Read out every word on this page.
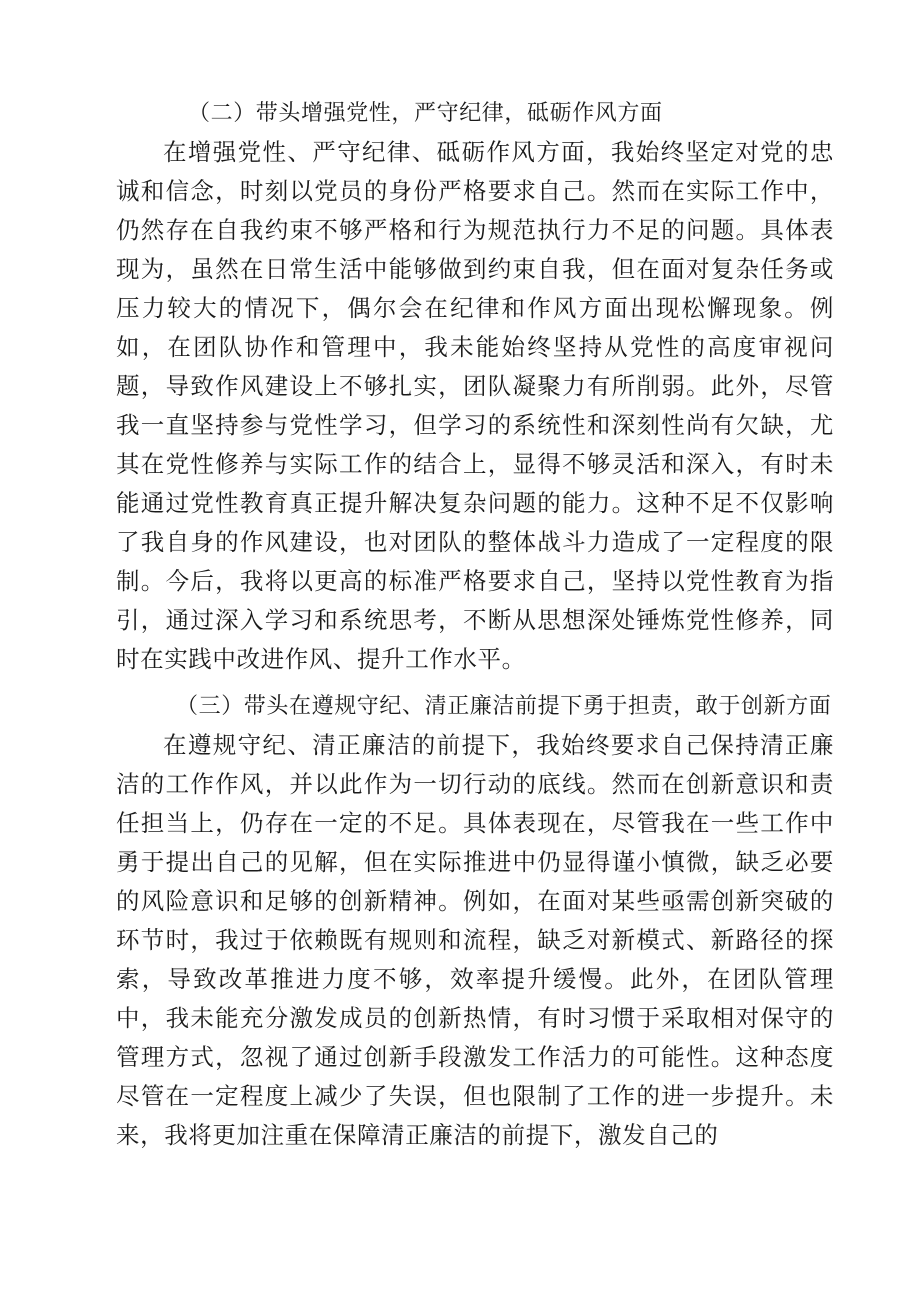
（二）带头增强党性，严守纪律，砥砺作风方面

在增强党性、严守纪律、砥砺作风方面，我始终坚定对党的忠诚和信念，时刻以党员的身份严格要求自己。然而在实际工作中，仍然存在自我约束不够严格和行为规范执行力不足的问题。具体表现为，虽然在日常生活中能够做到约束自我，但在面对复杂任务或压力较大的情况下，偶尔会在纪律和作风方面出现松懈现象。例如，在团队协作和管理中，我未能始终坚持从党性的高度审视问题，导致作风建设上不够扎实，团队凝聚力有所削弱。此外，尽管我一直坚持参与党性学习，但学习的系统性和深刻性尚有欠缺，尤其在党性修养与实际工作的结合上，显得不够灵活和深入，有时未能通过党性教育真正提升解决复杂问题的能力。这种不足不仅影响了我自身的作风建设，也对团队的整体战斗力造成了一定程度的限制。今后，我将以更高的标准严格要求自己，坚持以党性教育为指引，通过深入学习和系统思考，不断从思想深处锤炼党性修养，同时在实践中改进作风、提升工作水平。

（三）带头在遵规守纪、清正廉洁前提下勇于担责，敢于创新方面

在遵规守纪、清正廉洁的前提下，我始终要求自己保持清正廉洁的工作作风，并以此作为一切行动的底线。然而在创新意识和责任担当上，仍存在一定的不足。具体表现在，尽管我在一些工作中勇于提出自己的见解，但在实际推进中仍显得谨小慎微，缺乏必要的风险意识和足够的创新精神。例如，在面对某些亟需创新突破的环节时，我过于依赖既有规则和流程，缺乏对新模式、新路径的探索，导致改革推进力度不够，效率提升缓慢。此外，在团队管理中，我未能充分激发成员的创新热情，有时习惯于采取相对保守的管理方式，忽视了通过创新手段激发工作活力的可能性。这种态度尽管在一定程度上减少了失误，但也限制了工作的进一步提升。未来，我将更加注重在保障清正廉洁的前提下，激发自己的
